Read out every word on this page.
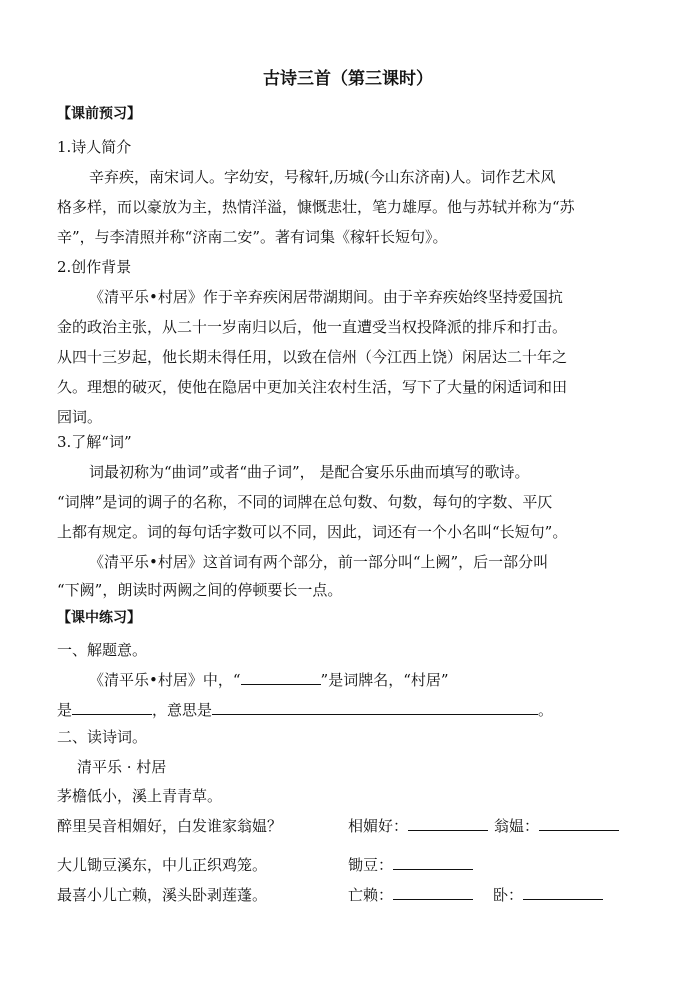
古诗三首（第三课时）
【课前预习】
1.诗人简介
辛弃疾，南宋词人。字幼安，号稼轩,历城(今山东济南)人。词作艺术风
格多样，而以豪放为主，热情洋溢，慷慨悲壮，笔力雄厚。他与苏轼并称为“苏
辛”，与李清照并称“济南二安”。著有词集《稼轩长短句》。
2.创作背景
《清平乐•村居》作于辛弃疾闲居带湖期间。由于辛弃疾始终坚持爱国抗
金的政治主张，从二十一岁南归以后，他一直遭受当权投降派的排斥和打击。
从四十三岁起，他长期未得任用，以致在信州（今江西上饶）闲居达二十年之
久。理想的破灭，使他在隐居中更加关注农村生活，写下了大量的闲适词和田
园词。
3.了解“词”
词最初称为“曲词”或者“曲子词”， 是配合宴乐乐曲而填写的歌诗。
“词牌”是词的调子的名称，不同的词牌在总句数、句数，每句的字数、平仄
上都有规定。词的每句话字数可以不同，因此，词还有一个小名叫“长短句”。
《清平乐•村居》这首词有两个部分，前一部分叫“上阙”，后一部分叫
“下阙”，朗读时两阙之间的停顿要长一点。
【课中练习】
一、解题意。
《清平乐•村居》中，“	”是词牌名，“村居”
是	，意思是	。
二、读诗词。
清平乐 · 村居
茅檐低小，溪上青青草。
醉里吴音相媚好，白发谁家翁媪？	相媚好：	翁媪：
大儿锄豆溪东，中儿正织鸡笼。	锄豆：
最喜小儿亡赖，溪头卧剥莲蓬。	亡赖：	卧：
